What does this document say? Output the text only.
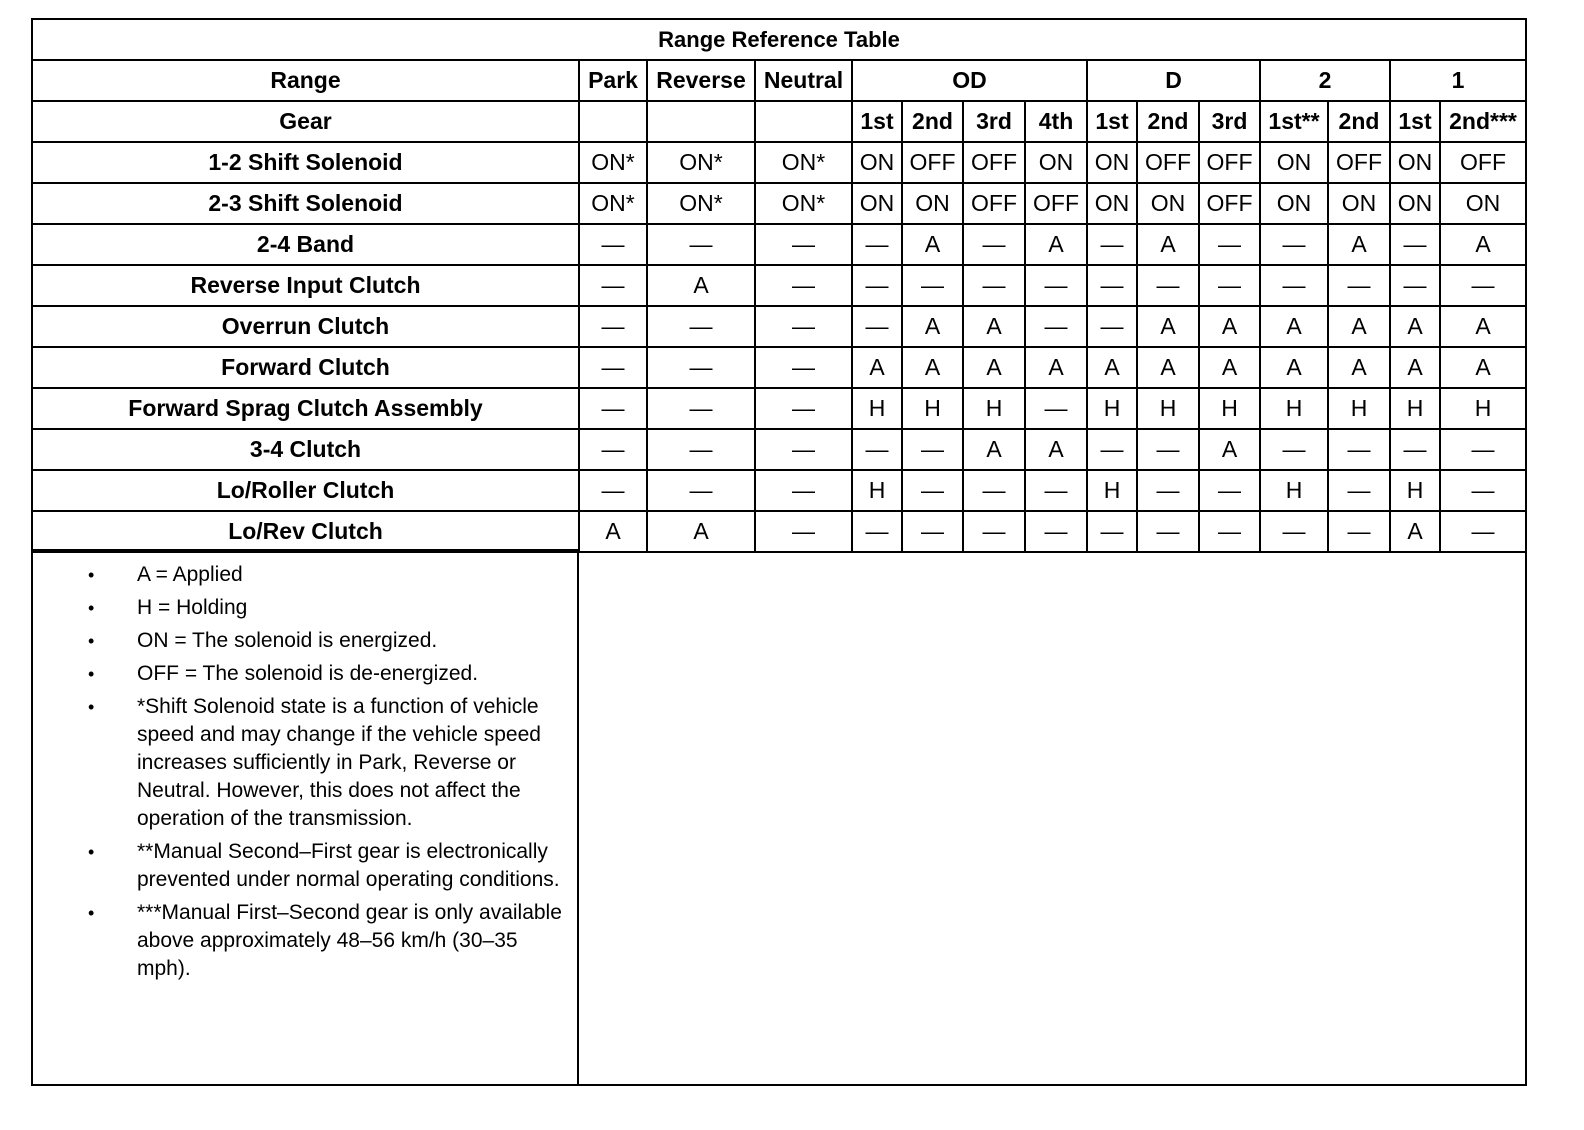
Range Reference Table														
Range	Park	Reverse	Neutral	OD				D			2		1	
Gear				1st	2nd	3rd	4th	1st	2nd	3rd	1st**	2nd	1st	2nd***
1-2 Shift Solenoid	ON*	ON*	ON*	ON	OFF	OFF	ON	ON	OFF	OFF	ON	OFF	ON	OFF
2-3 Shift Solenoid	ON*	ON*	ON*	ON	ON	OFF	OFF	ON	ON	OFF	ON	ON	ON	ON
2-4 Band	—	—	—	—	A	—	A	—	A	—	—	A	—	A
Reverse Input Clutch	—	A	—	—	—	—	—	—	—	—	—	—	—	—
Overrun Clutch	—	—	—	—	A	A	—	—	A	A	A	A	A	A
Forward Clutch	—	—	—	A	A	A	A	A	A	A	A	A	A	A
Forward Sprag Clutch Assembly	—	—	—	H	H	H	—	H	H	H	H	H	H	H
3-4 Clutch	—	—	—	—	—	A	A	—	—	A	—	—	—	—
Lo/Roller Clutch	—	—	—	H	—	—	—	H	—	—	H	—	H	—
Lo/Rev Clutch	A	A	—	—	—	—	—	—	—	—	—	—	A	—
• A = Applied
• H = Holding
• ON = The solenoid is energized.
• OFF = The solenoid is de-energized.
• *Shift Solenoid state is a function of vehicle speed and may change if the vehicle speed increases sufficiently in Park, Reverse or Neutral. However, this does not affect the operation of the transmission.
• **Manual Second–First gear is electronically prevented under normal operating conditions.
• ***Manual First–Second gear is only available above approximately 48–56 km/h (30–35 mph).
